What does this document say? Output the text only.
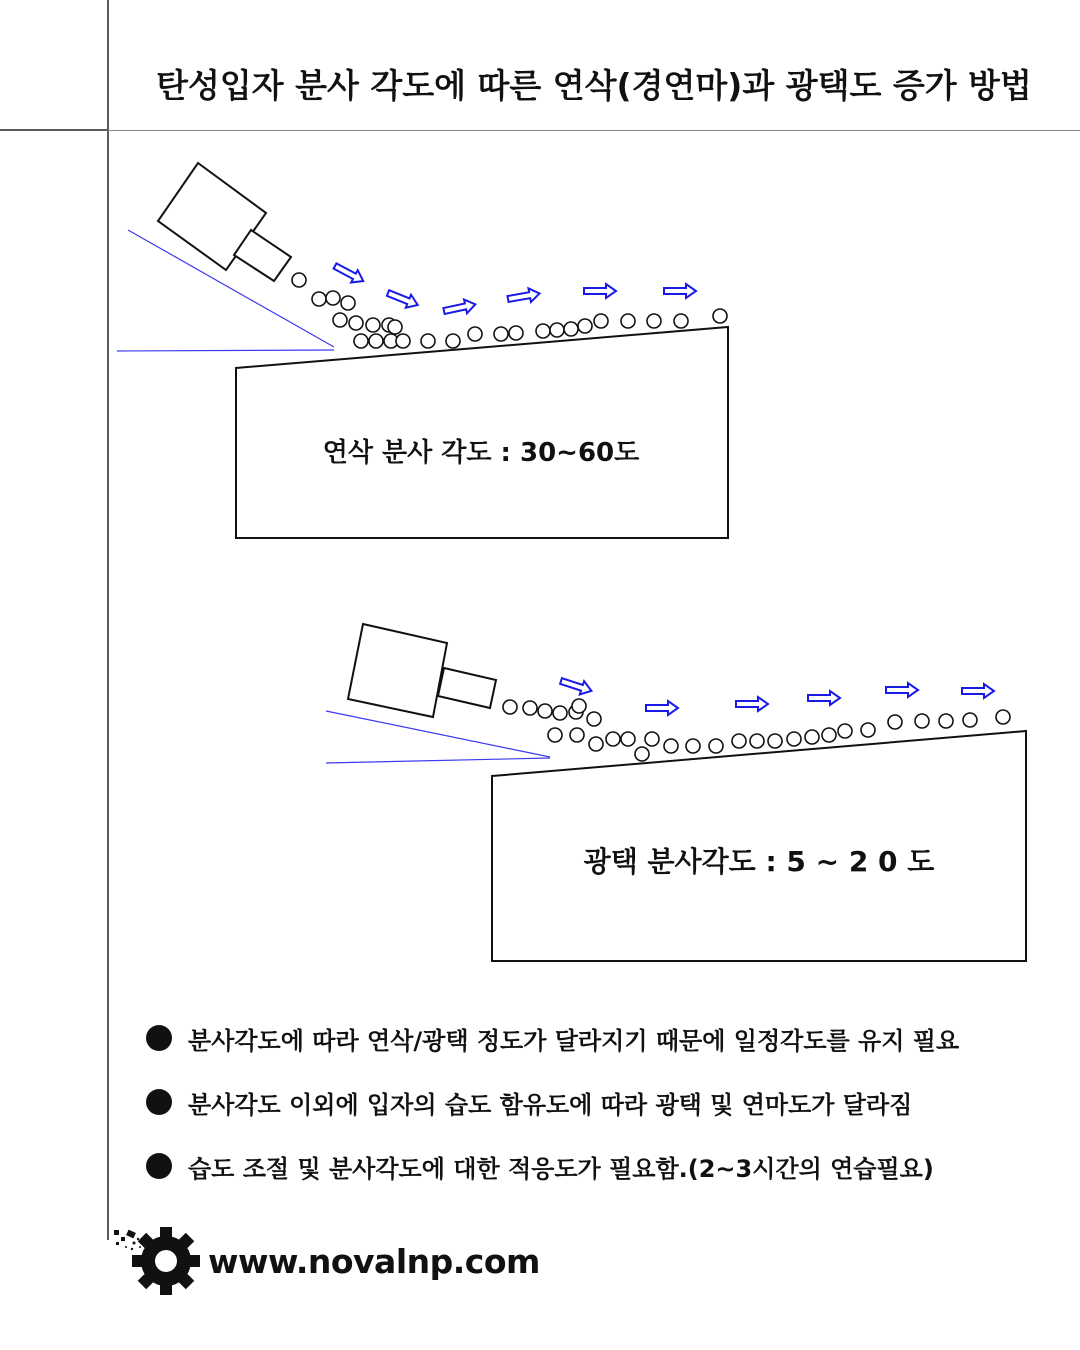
탄성입자 분사 각도에 따른 연삭(경연마)과 광택도 증가 방법
연삭 분사 각도 : 30~60도
광택 분사각도 : 5 ~ 2 0 도
분사각도에 따라 연삭/광택 정도가 달라지기 때문에 일정각도를 유지 필요
분사각도 이외에 입자의 습도 함유도에 따라 광택 및 연마도가 달라짐
습도 조절 및 분사각도에 대한 적응도가 필요함.(2~3시간의 연습필요)
www.novalnp.com
